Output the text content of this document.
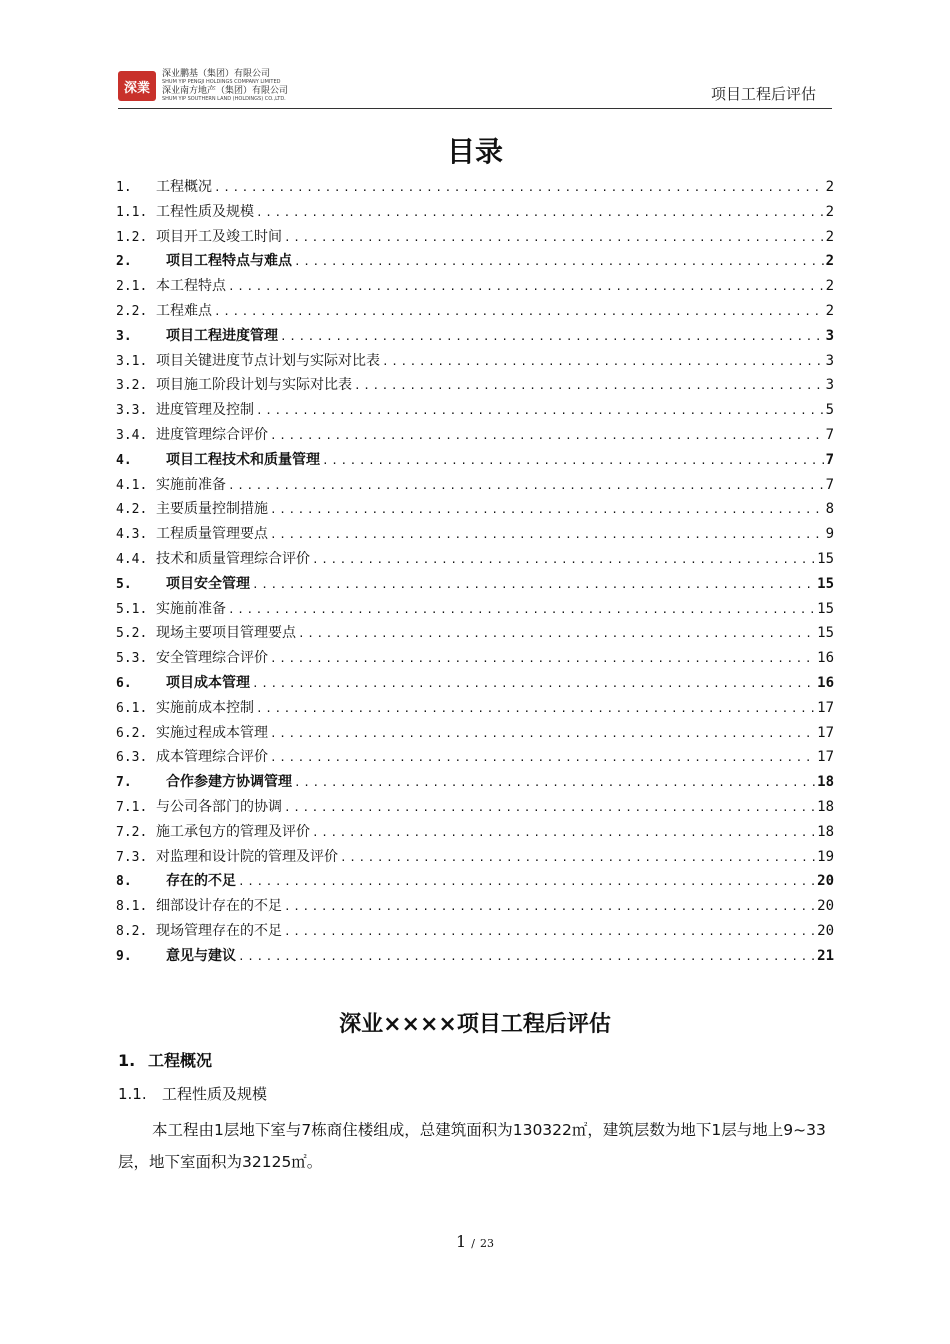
深業
深业鹏基（集团）有限公司
SHUM YIP PENGJI HOLDINGS COMPANY LIMITED
深业南方地产（集团）有限公司
SHUM YIP SOUTHERN LAND (HOLDINGS) CO.,LTD.	项目工程后评估
目录
1.	工程概况 .....	2
1.1. 工程性质及规模 .....	2
1.2. 项目开工及竣工时间 .....	2
2.	项目工程特点与难点 .....	2
2.1. 本工程特点 .....	2
2.2. 工程难点 .....	2
3.	项目工程进度管理 .....	3
3.1. 项目关键进度节点计划与实际对比表 .....	3
3.2. 项目施工阶段计划与实际对比表 .....	3
3.3. 进度管理及控制 .....	5
3.4. 进度管理综合评价 .....	7
4.	项目工程技术和质量管理 .....	7
4.1. 实施前准备 .....	7
4.2. 主要质量控制措施 .....	8
4.3. 工程质量管理要点 .....	9
4.4. 技术和质量管理综合评价 .....	15
5.	项目安全管理 .....	15
5.1. 实施前准备 .....	15
5.2. 现场主要项目管理要点 .....	15
5.3. 安全管理综合评价 .....	16
6.	项目成本管理 .....	16
6.1. 实施前成本控制 .....	17
6.2. 实施过程成本管理 .....	17
6.3. 成本管理综合评价 .....	17
7.	合作参建方协调管理 .....	18
7.1. 与公司各部门的协调 .....	18
7.2. 施工承包方的管理及评价 .....	18
7.3. 对监理和设计院的管理及评价 .....	19
8.	存在的不足 .....	20
8.1. 细部设计存在的不足 .....	20
8.2. 现场管理存在的不足 .....	20
9.	意见与建议 .....	21
深业××××项目工程后评估
1. 工程概况
1.1. 工程性质及规模
本工程由1层地下室与7栋商住楼组成，总建筑面积为130322㎡，建筑层数为地下1层与地上9~33层，地下室面积为32125㎡。
1 / 23
